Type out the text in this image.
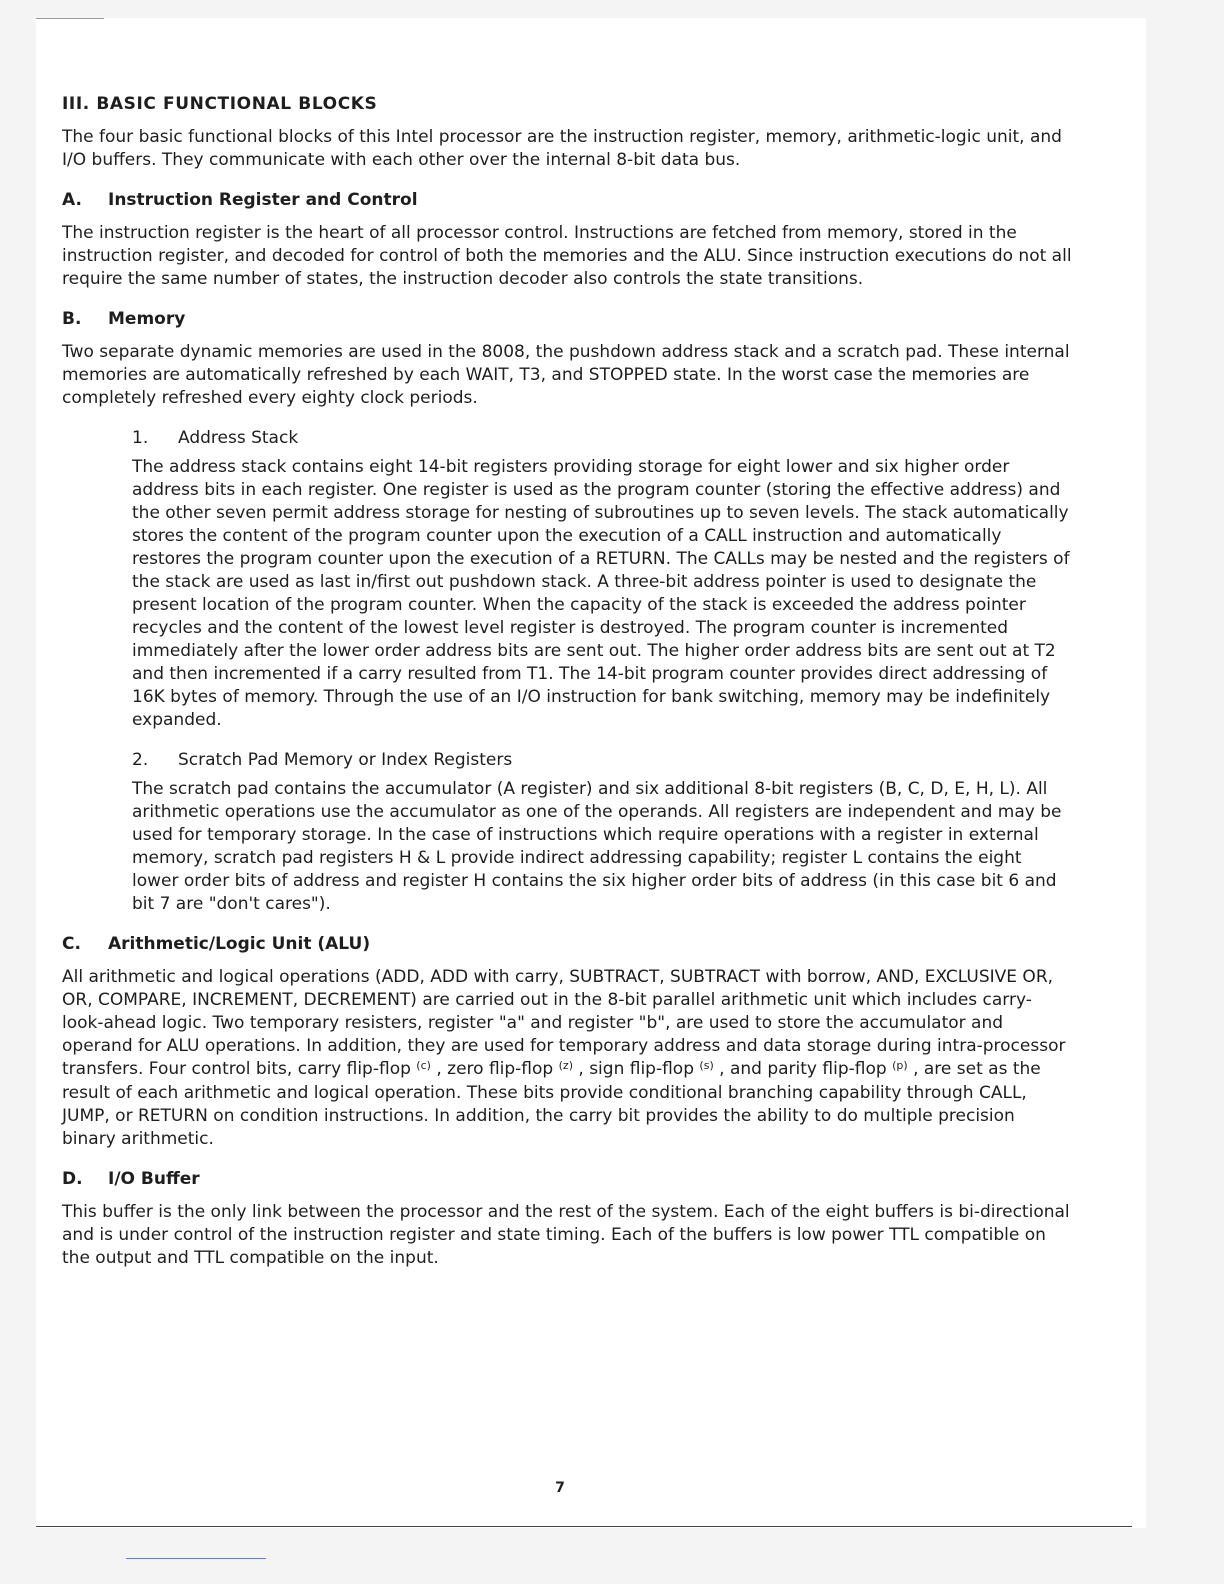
III. BASIC FUNCTIONAL BLOCKS

The four basic functional blocks of this Intel processor are the instruction register, memory, arithmetic-logic unit, and I/O buffers. They communicate with each other over the internal 8-bit data bus.

A.	Instruction Register and Control

The instruction register is the heart of all processor control. Instructions are fetched from memory, stored in the instruction register, and decoded for control of both the memories and the ALU. Since instruction executions do not all require the same number of states, the instruction decoder also controls the state transitions.

B.	Memory

Two separate dynamic memories are used in the 8008, the pushdown address stack and a scratch pad. These internal memories are automatically refreshed by each WAIT, T3, and STOPPED state. In the worst case the memories are completely refreshed every eighty clock periods.

1.	Address Stack

The address stack contains eight 14-bit registers providing storage for eight lower and six higher order address bits in each register. One register is used as the program counter (storing the effective address) and the other seven permit address storage for nesting of subroutines up to seven levels. The stack automatically stores the content of the program counter upon the execution of a CALL instruction and automatically restores the program counter upon the execution of a RETURN. The CALLs may be nested and the registers of the stack are used as last in/first out pushdown stack. A three-bit address pointer is used to designate the present location of the program counter. When the capacity of the stack is exceeded the address pointer recycles and the content of the lowest level register is destroyed. The program counter is incremented immediately after the lower order address bits are sent out. The higher order address bits are sent out at T2 and then incremented if a carry resulted from T1. The 14-bit program counter provides direct addressing of 16K bytes of memory. Through the use of an I/O instruction for bank switching, memory may be indefinitely expanded.

2.	Scratch Pad Memory or Index Registers

The scratch pad contains the accumulator (A register) and six additional 8-bit registers (B, C, D, E, H, L). All arithmetic operations use the accumulator as one of the operands. All registers are independent and may be used for temporary storage. In the case of instructions which require operations with a register in external memory, scratch pad registers H & L provide indirect addressing capability; register L contains the eight lower order bits of address and register H contains the six higher order bits of address (in this case bit 6 and bit 7 are "don't cares").

C.	Arithmetic/Logic Unit (ALU)

All arithmetic and logical operations (ADD, ADD with carry, SUBTRACT, SUBTRACT with borrow, AND, EXCLUSIVE OR, OR, COMPARE, INCREMENT, DECREMENT) are carried out in the 8-bit parallel arithmetic unit which includes carry-look-ahead logic. Two temporary resisters, register "a" and register "b", are used to store the accumulator and operand for ALU operations. In addition, they are used for temporary address and data storage during intra-processor transfers. Four control bits, carry flip-flop $^{(c)}$ , zero flip-flop $^{(z)}$ , sign flip-flop $^{(s)}$ , and parity flip-flop $^{(p)}$ , are set as the result of each arithmetic and logical operation. These bits provide conditional branching capability through CALL, JUMP, or RETURN on condition instructions. In addition, the carry bit provides the ability to do multiple precision binary arithmetic.

D.	I/O Buffer

This buffer is the only link between the processor and the rest of the system. Each of the eight buffers is bi-directional and is under control of the instruction register and state timing. Each of the buffers is low power TTL compatible on the output and TTL compatible on the input.

7
